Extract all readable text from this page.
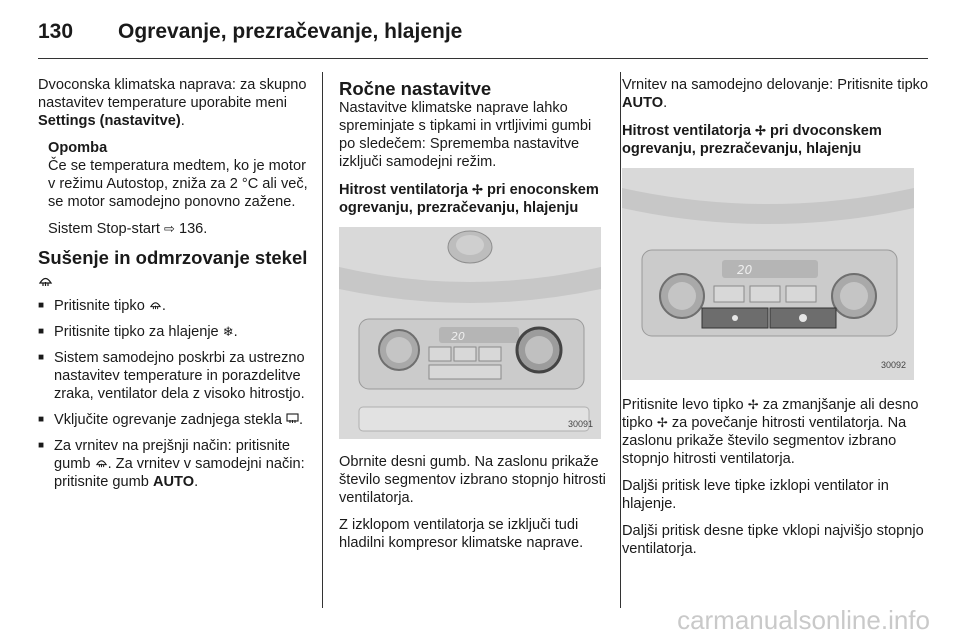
130 Ogrevanje, prezračevanje, hlajenje

Dvoconska klimatska naprava: za skupno nastavitev temperature uporabite meni Settings (nastavitve).

Opomba

Če se temperatura medtem, ko je motor v režimu Autostop, zniža za 2 °C ali več, se motor samodejno ponovno zažene.

Sistem Stop-start ⇨ 136.

Sušenje in odmrzovanje stekel
■ Pritisnite tipko .
■ Pritisnite tipko za hlajenje ❄.
■ Sistem samodejno poskrbi za ustrezno nastavitev temperature in porazdelitve zraka, ventilator dela z visoko hitrostjo.
■ Vključite ogrevanje zadnjega stekla .
■ Za vrnitev na prejšnji način: pritisnite gumb . Za vrnitev v samodejni način: pritisnite gumb AUTO.
Ročne nastavitve

Nastavitve klimatske naprave lahko spreminjate s tipkami in vrtljivimi gumbi po sledečem: Sprememba nastavitve izključi samodejni režim.

Hitrost ventilatorja ✢ pri enoconskem ogrevanju, prezračevanju, hlajenju
20
30091

Obrnite desni gumb. Na zaslonu prikaže število segmentov izbrano stopnjo hitrosti ventilatorja.

Z izklopom ventilatorja se izključi tudi hladilni kompresor klimatske naprave.

Vrnitev na samodejno delovanje: Pritisnite tipko AUTO.

Hitrost ventilatorja ✢ pri dvoconskem ogrevanju, prezračevanju, hlajenju
20
30092

Pritisnite levo tipko ✢ za zmanjšanje ali desno tipko ✢ za povečanje hitrosti ventilatorja. Na zaslonu prikaže število segmentov izbrano stopnjo hitrosti ventilatorja.

Daljši pritisk leve tipke izklopi ventilator in hlajenje.

Daljši pritisk desne tipke vklopi najvišjo stopnjo ventilatorja.

carmanualsonline.info
